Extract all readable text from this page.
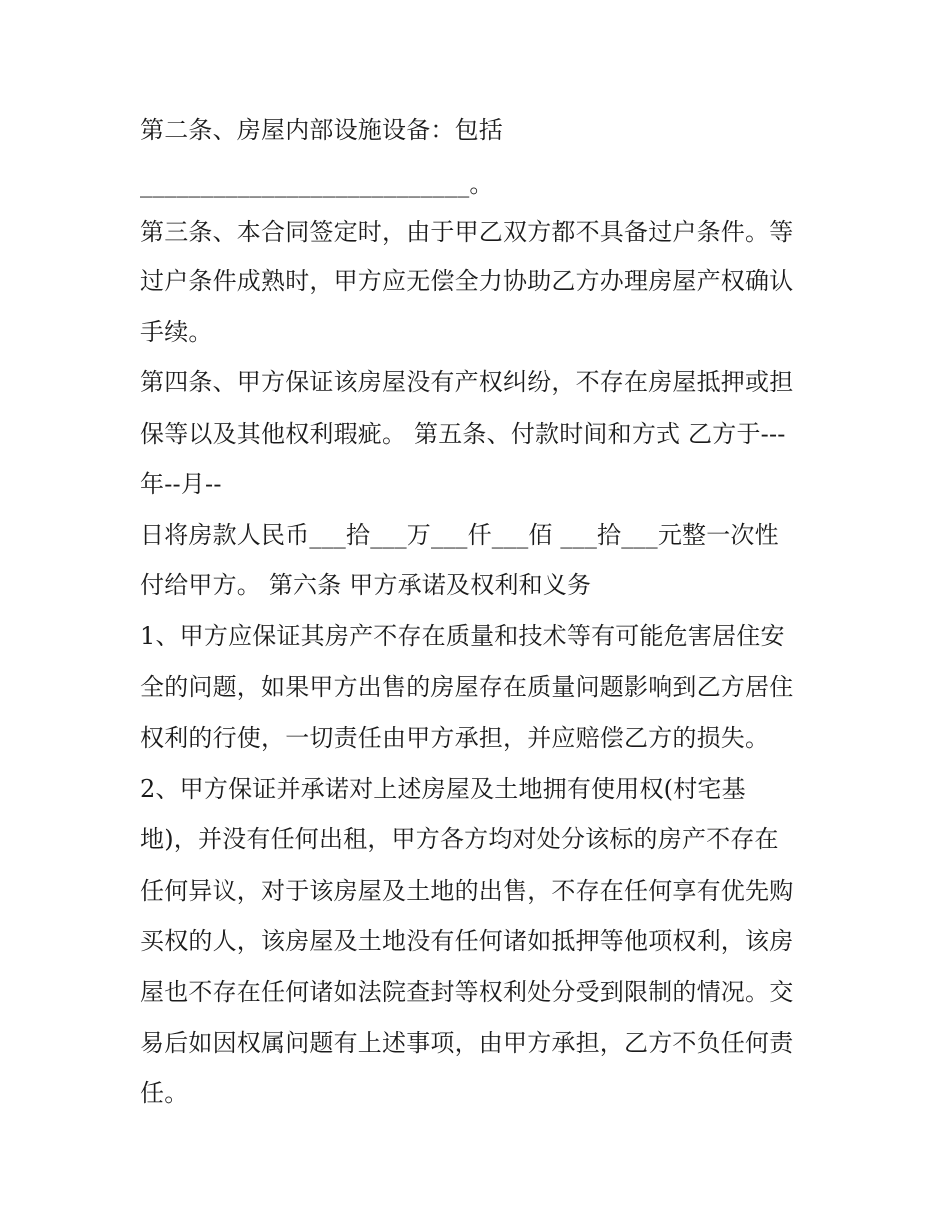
第二条、房屋内部设施设备：包括
___________________________。
第三条、本合同签定时，由于甲乙双方都不具备过户条件。等
过户条件成熟时，甲方应无偿全力协助乙方办理房屋产权确认
手续。
第四条、甲方保证该房屋没有产权纠纷，不存在房屋抵押或担
保等以及其他权利瑕疵。 第五条、付款时间和方式 乙方于---
年--月--
日将房款人民币___拾___万___仟___佰 ___拾___元整一次性
付给甲方。 第六条 甲方承诺及权利和义务
1、甲方应保证其房产不存在质量和技术等有可能危害居住安
全的问题，如果甲方出售的房屋存在质量问题影响到乙方居住
权利的行使，一切责任由甲方承担，并应赔偿乙方的损失。
2、甲方保证并承诺对上述房屋及土地拥有使用权(村宅基
地)，并没有任何出租，甲方各方均对处分该标的房产不存在
任何异议，对于该房屋及土地的出售，不存在任何享有优先购
买权的人，该房屋及土地没有任何诸如抵押等他项权利，该房
屋也不存在任何诸如法院查封等权利处分受到限制的情况。交
易后如因权属问题有上述事项，由甲方承担，乙方不负任何责
任。
